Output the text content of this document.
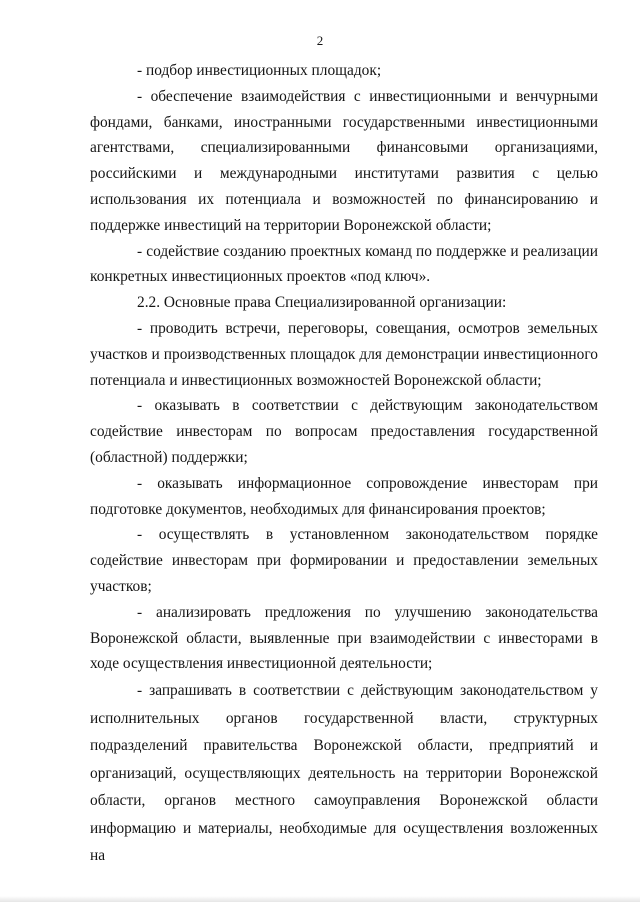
2

- подбор инвестиционных площадок;

- обеспечение взаимодействия с инвестиционными и венчурными фондами, банками, иностранными государственными инвестиционными агентствами, специализированными финансовыми организациями, российскими и международными институтами развития с целью использования их потенциала и возможностей по финансированию и поддержке инвестиций на территории Воронежской области;

- содействие созданию проектных команд по поддержке и реализации конкретных инвестиционных проектов «под ключ».

2.2. Основные права Специализированной организации:

- проводить встречи, переговоры, совещания, осмотров земельных участков и производственных площадок для демонстрации инвестиционного потенциала и инвестиционных возможностей Воронежской области;

- оказывать в соответствии с действующим законодательством содействие инвесторам по вопросам предоставления государственной (областной) поддержки;

- оказывать информационное сопровождение инвесторам при подготовке документов, необходимых для финансирования проектов;

- осуществлять в установленном законодательством порядке содействие инвесторам при формировании и предоставлении земельных участков;

- анализировать предложения по улучшению законодательства Воронежской области, выявленные при взаимодействии с инвесторами в ходе осуществления инвестиционной деятельности;

- запрашивать в соответствии с действующим законодательством у исполнительных органов государственной власти, структурных подразделений правительства Воронежской области, предприятий и организаций, осуществляющих деятельность на территории Воронежской области, органов местного самоуправления Воронежской области информацию и материалы, необходимые для осуществления возложенных на
